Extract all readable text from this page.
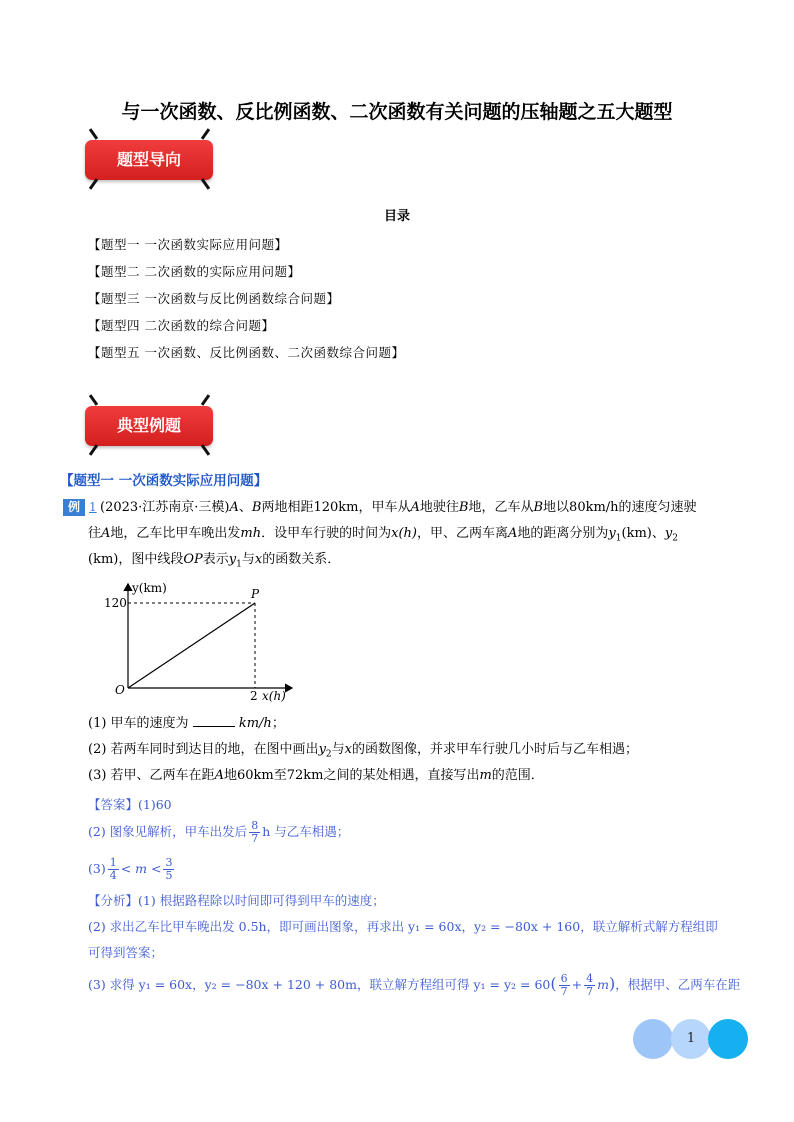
与一次函数、反比例函数、二次函数有关问题的压轴题之五大题型
题型导向
目录
【题型一 一次函数实际应用问题】
【题型二 二次函数的实际应用问题】
【题型三 一次函数与反比例函数综合问题】
【题型四 二次函数的综合问题】
【题型五 一次函数、反比例函数、二次函数综合问题】
典型例题
【题型一 一次函数实际应用问题】
例 1 (2023·江苏南京·三模)A、B两地相距120km，甲车从A地驶往B地，乙车从B地以80km/h的速度匀速驶
往A地，乙车比甲车晚出发mh．设甲车行驶的时间为x(h)，甲、乙两车离A地的距离分别为$y_1(km)$、$y_2$
(km)，图中线段OP表示$y_1$与x的函数关系．
y(km)
120
O	2 x(h)
P
(1) 甲车的速度为	km/h；
(2) 若两车同时到达目的地，在图中画出$y_2$与x的函数图像，并求甲车行驶几小时后与乙车相遇；
(3) 若甲、乙两车在距A地60km至72km之间的某处相遇，直接写出m的范围．
【答案】(1)60
(2) 图象见解析，甲车出发后 $\frac{8}{7}$ h 与乙车相遇；
$(3) \frac{1}{4} < m < \frac{3}{5}$
【分析】(1) 根据路程除以时间即可得到甲车的速度；
(2) 求出乙车比甲车晚出发 0.5h，即可画出图象，再求出 y₁ = 60x，y₂ = −80x + 160，联立解析式解方程组即
可得到答案；
(3) 求得 y₁ = 60x，y₂ = −80x + 120 + 80m，联立解方程组可得 $y_1 = y_2 = 60( \frac{6}{7} + \frac{4}{7} m)$，根据甲、乙两车在距
1
